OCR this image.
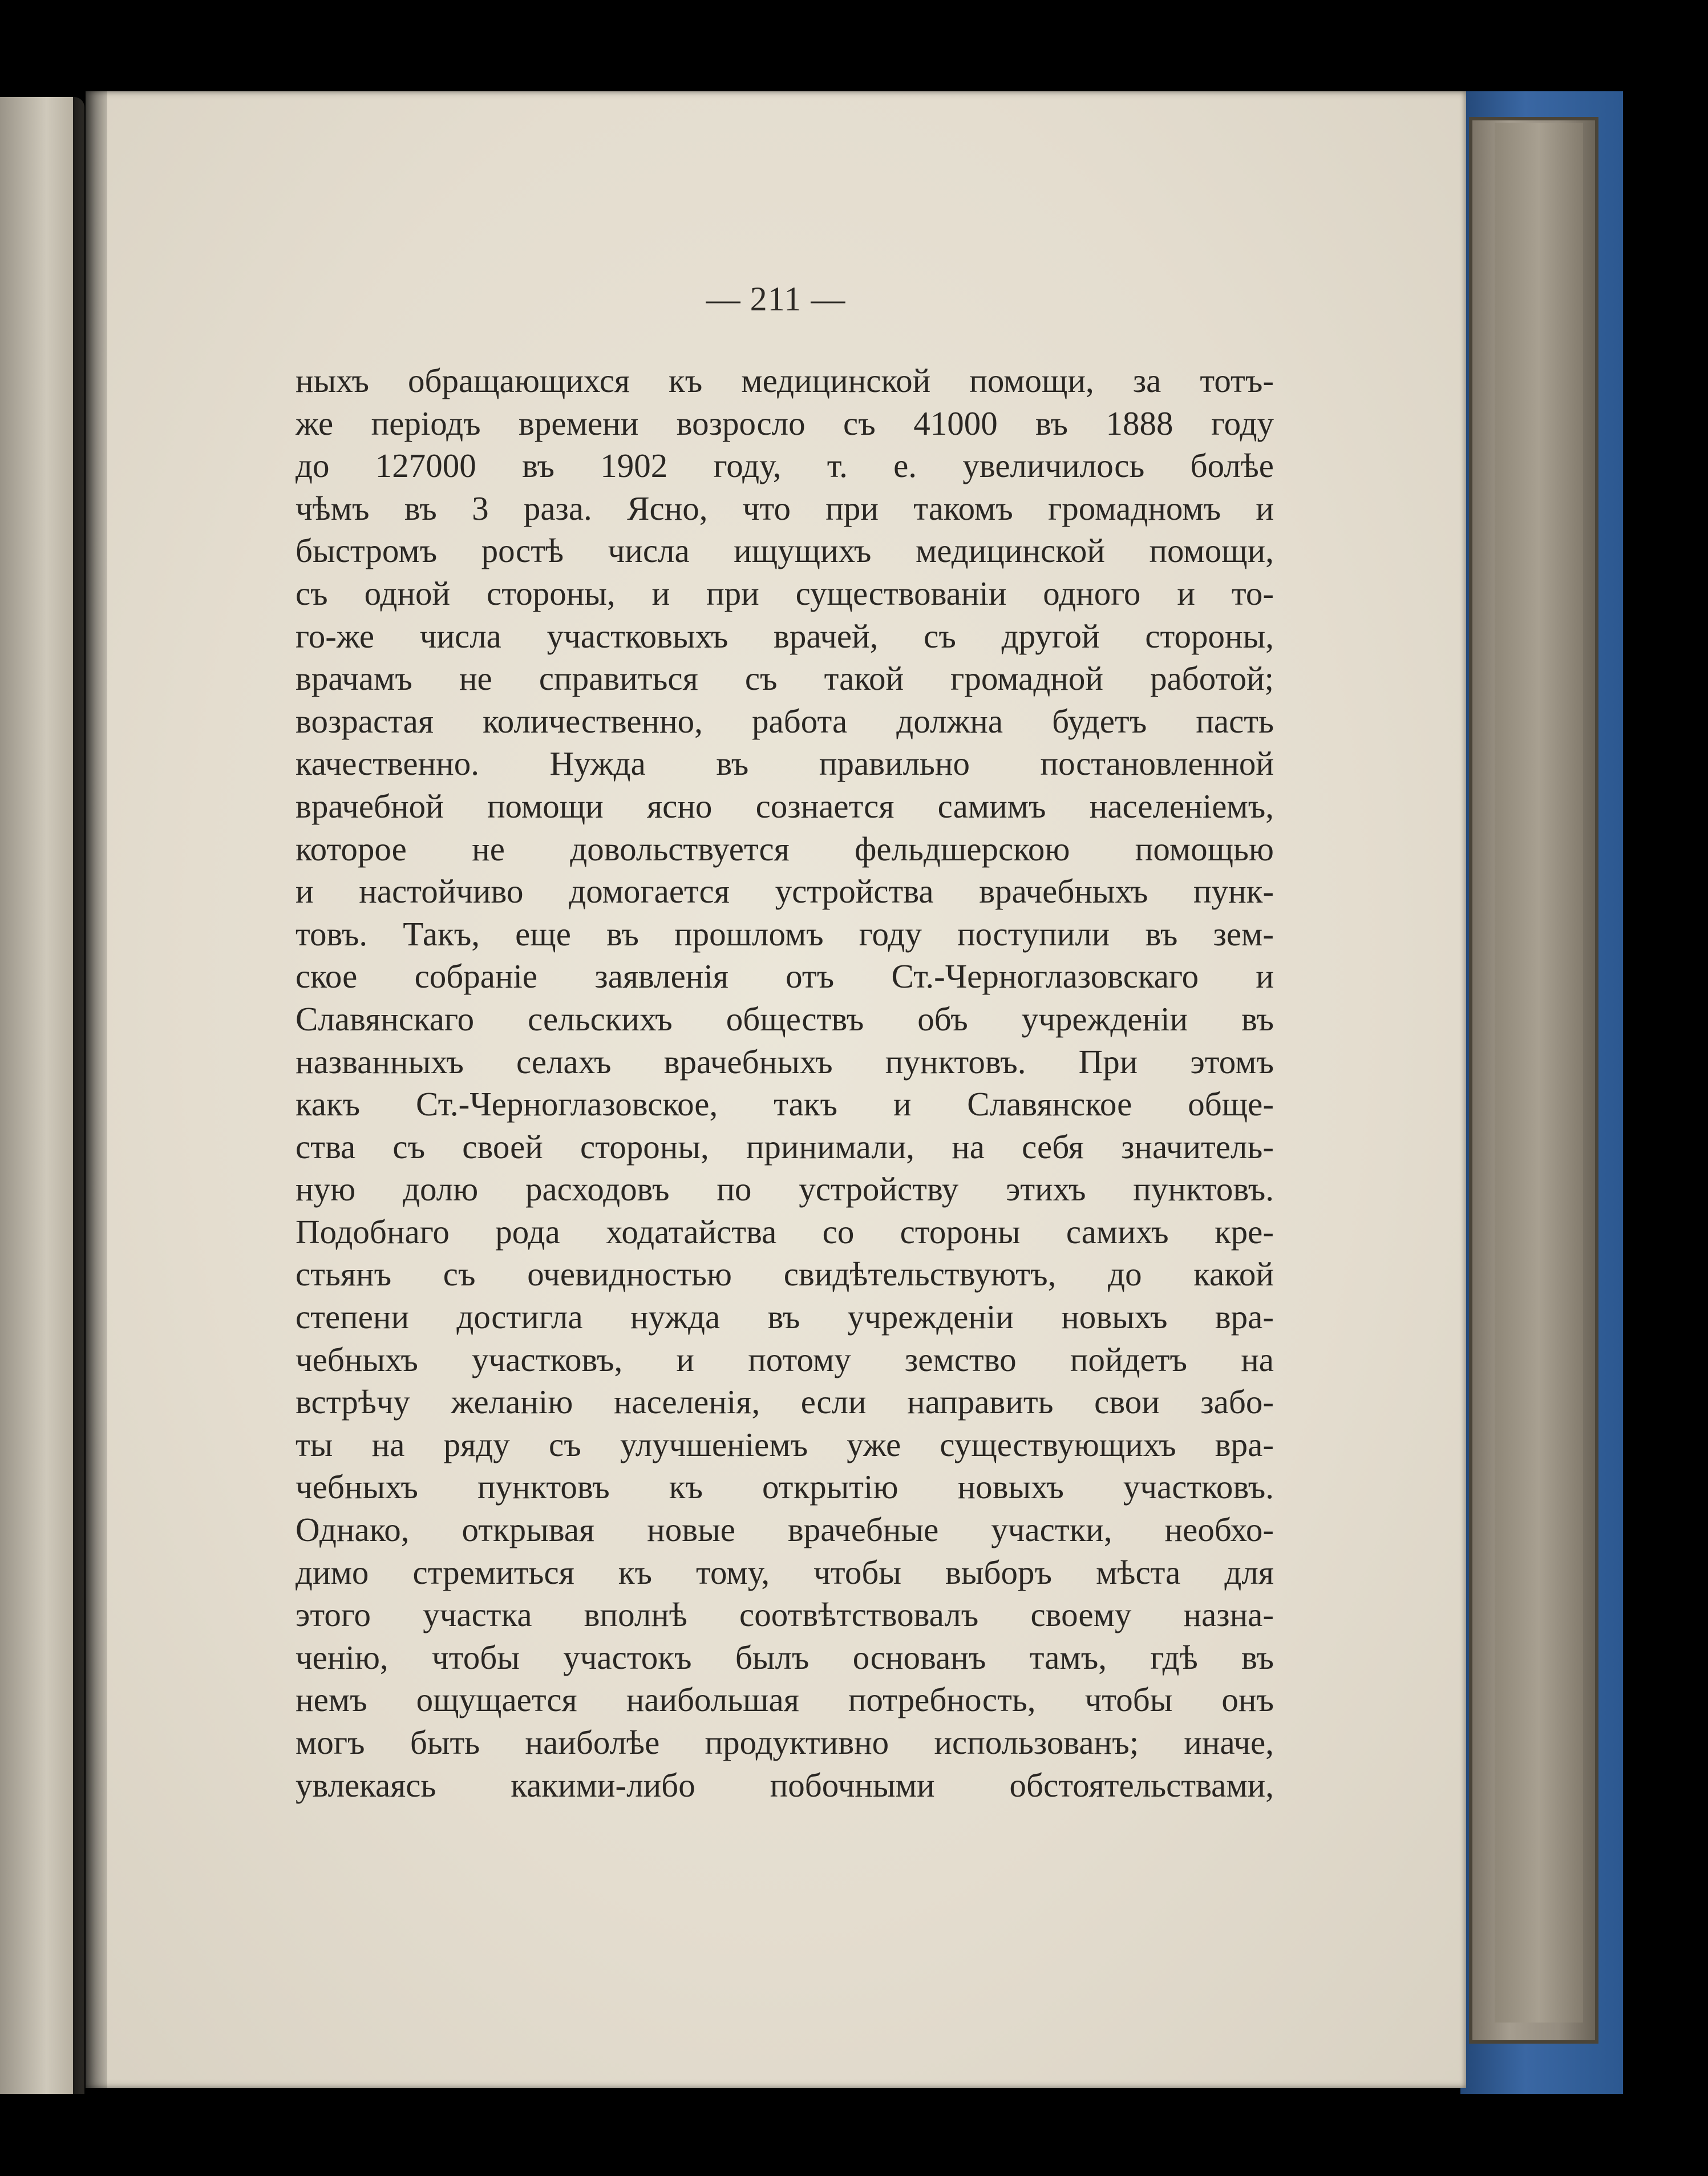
— 211 —
ныхъ обращающихся къ медицинской помощи, за тотъ-
же періодъ времени возросло съ 41000 въ 1888 году
до 127000 въ 1902 году, т. е. увеличилось болѣе
чѣмъ въ 3 раза. Ясно, что при такомъ громадномъ и
быстромъ ростѣ числа ищущихъ медицинской помощи,
съ одной стороны, и при существованіи одного и то-
го-же числа участковыхъ врачей, съ другой стороны,
врачамъ не справиться съ такой громадной работой;
возрастая количественно, работа должна будетъ пасть
качественно. Нужда въ правильно постановленной
врачебной помощи ясно сознается самимъ населеніемъ,
которое не довольствуется фельдшерскою помощью
и настойчиво домогается устройства врачебныхъ пунк-
товъ. Такъ, еще въ прошломъ году поступили въ зем-
ское собраніе заявленія отъ Ст.-Черноглазовскаго и
Славянскаго сельскихъ обществъ объ учрежденіи въ
названныхъ селахъ врачебныхъ пунктовъ. При этомъ
какъ Ст.-Черноглазовское, такъ и Славянское обще-
ства съ своей стороны, принимали, на себя значитель-
ную долю расходовъ по устройству этихъ пунктовъ.
Подобнаго рода ходатайства со стороны самихъ кре-
стьянъ съ очевидностью свидѣтельствуютъ, до какой
степени достигла нужда въ учрежденіи новыхъ вра-
чебныхъ участковъ, и потому земство пойдетъ на
встрѣчу желанію населенія, если направить свои забо-
ты на ряду съ улучшеніемъ уже существующихъ вра-
чебныхъ пунктовъ къ открытію новыхъ участковъ.
Однако, открывая новые врачебные участки, необхо-
димо стремиться къ тому, чтобы выборъ мѣста для
этого участка вполнѣ соотвѣтствовалъ своему назна-
ченію, чтобы участокъ былъ основанъ тамъ, гдѣ въ
немъ ощущается наибольшая потребность, чтобы онъ
могъ быть наиболѣе продуктивно использованъ; иначе,
увлекаясь какими-либо побочными обстоятельствами,
